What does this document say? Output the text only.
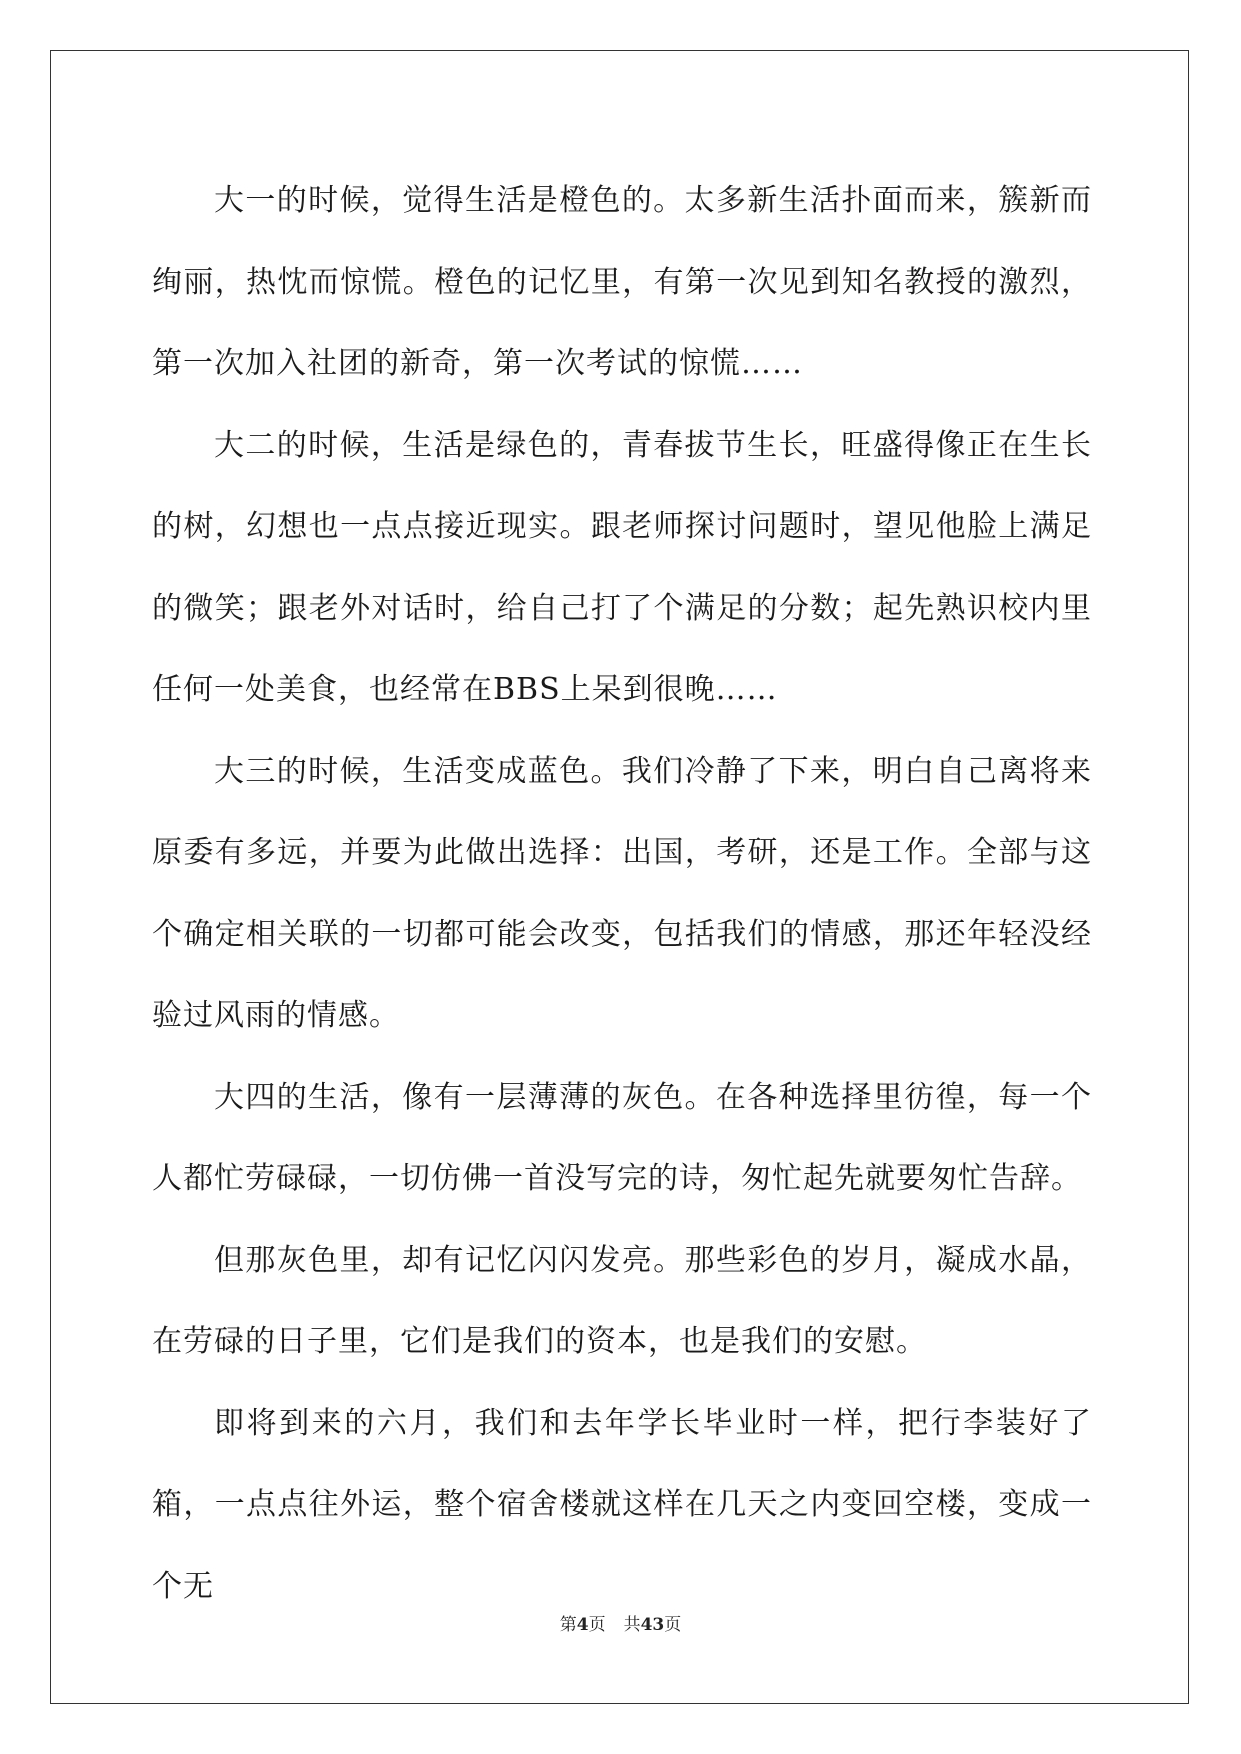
大一的时候，觉得生活是橙色的。太多新生活扑面而来，簇新而绚丽，热忱而惊慌。橙色的记忆里，有第一次见到知名教授的激烈，第一次加入社团的新奇，第一次考试的惊慌……

大二的时候，生活是绿色的，青春拔节生长，旺盛得像正在生长的树，幻想也一点点接近现实。跟老师探讨问题时，望见他脸上满足的微笑；跟老外对话时，给自己打了个满足的分数；起先熟识校内里任何一处美食，也经常在BBS上呆到很晚……

大三的时候，生活变成蓝色。我们冷静了下来，明白自己离将来原委有多远，并要为此做出选择：出国，考研，还是工作。全部与这个确定相关联的一切都可能会改变，包括我们的情感，那还年轻没经验过风雨的情感。

大四的生活，像有一层薄薄的灰色。在各种选择里彷徨，每一个人都忙劳碌碌，一切仿佛一首没写完的诗，匆忙起先就要匆忙告辞。

但那灰色里，却有记忆闪闪发亮。那些彩色的岁月，凝成水晶，在劳碌的日子里，它们是我们的资本，也是我们的安慰。

即将到来的六月，我们和去年学长毕业时一样，把行李装好了箱，一点点往外运，整个宿舍楼就这样在几天之内变回空楼，变成一个无

第4页 共43页
